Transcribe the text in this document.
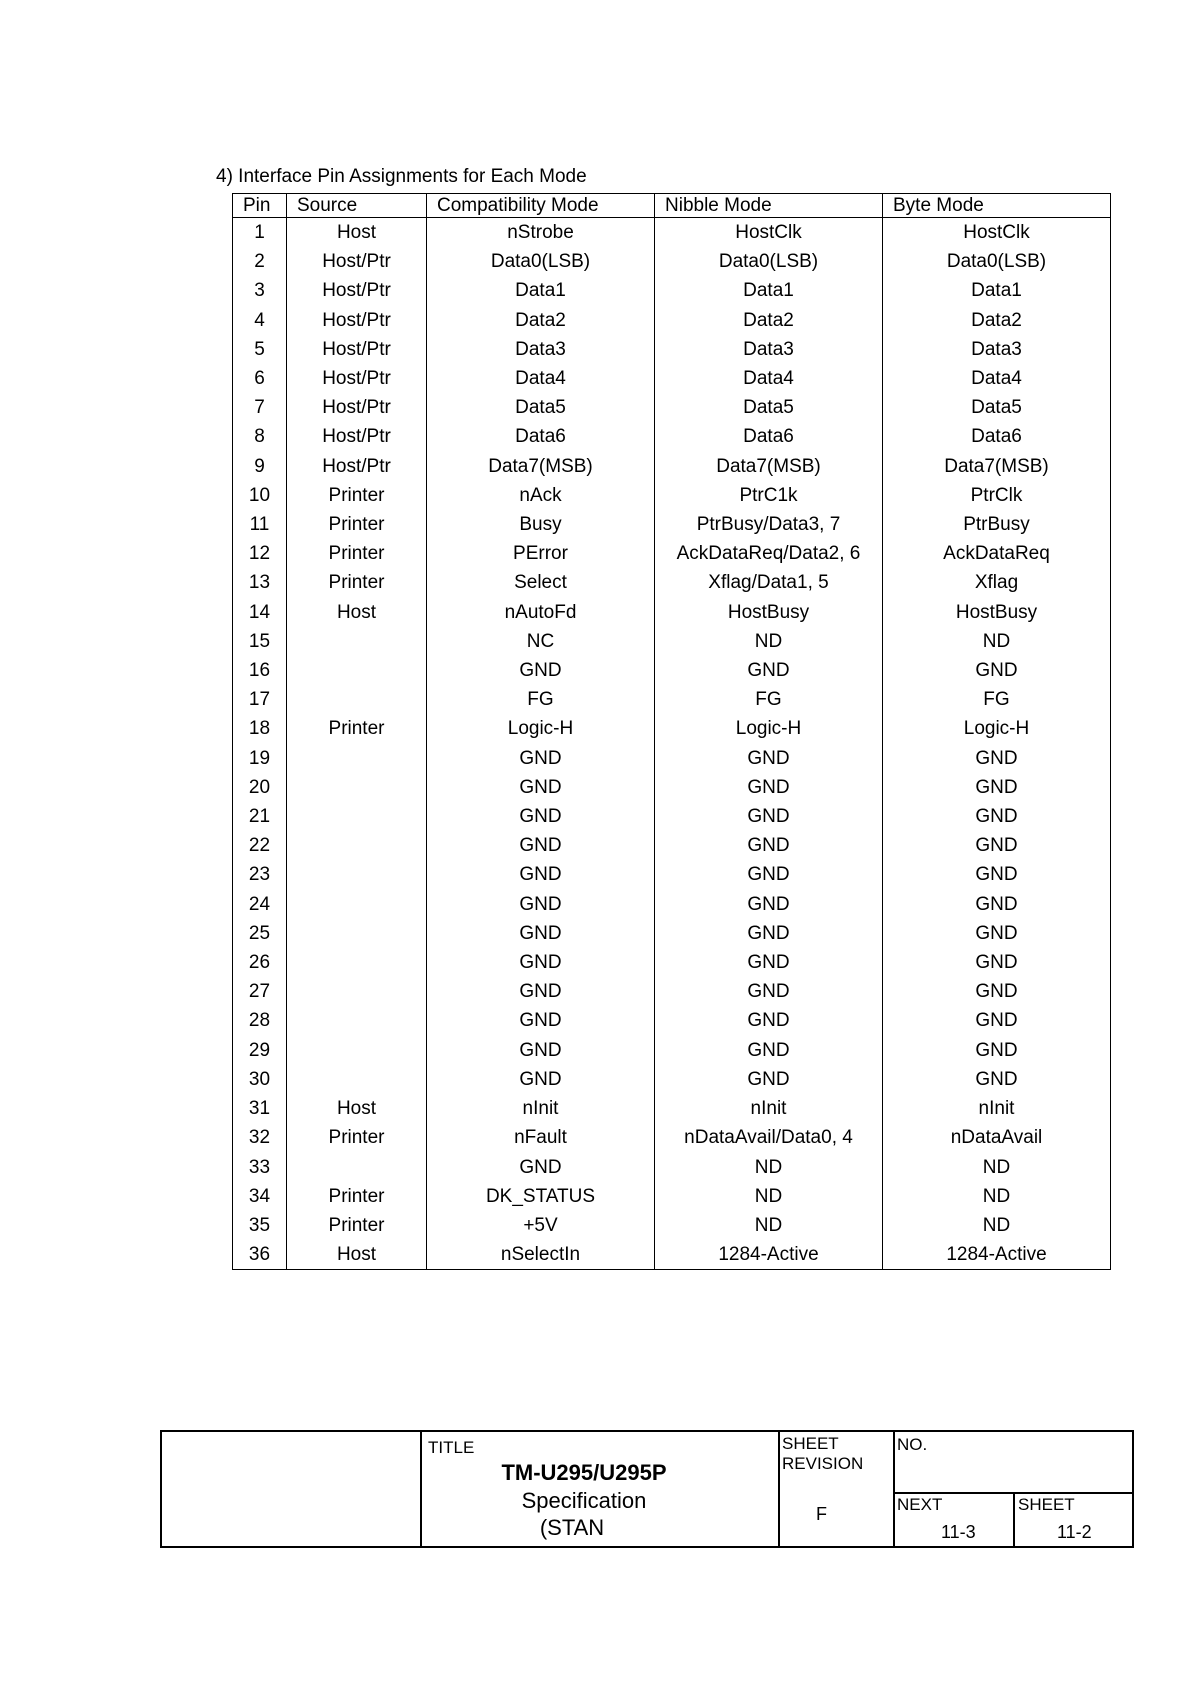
4) Interface Pin Assignments for Each Mode
Pin	Source	Compatibility Mode	Nibble Mode	Byte Mode
1	Host	nStrobe	HostClk	HostClk
2	Host/Ptr	Data0(LSB)	Data0(LSB)	Data0(LSB)
3	Host/Ptr	Data1	Data1	Data1
4	Host/Ptr	Data2	Data2	Data2
5	Host/Ptr	Data3	Data3	Data3
6	Host/Ptr	Data4	Data4	Data4
7	Host/Ptr	Data5	Data5	Data5
8	Host/Ptr	Data6	Data6	Data6
9	Host/Ptr	Data7(MSB)	Data7(MSB)	Data7(MSB)
10	Printer	nAck	PtrC1k	PtrClk
11	Printer	Busy	PtrBusy/Data3, 7	PtrBusy
12	Printer	PError	AckDataReq/Data2, 6	AckDataReq
13	Printer	Select	Xflag/Data1, 5	Xflag
14	Host	nAutoFd	HostBusy	HostBusy
15		NC	ND	ND
16		GND	GND	GND
17		FG	FG	FG
18	Printer	Logic-H	Logic-H	Logic-H
19		GND	GND	GND
20		GND	GND	GND
21		GND	GND	GND
22		GND	GND	GND
23		GND	GND	GND
24		GND	GND	GND
25		GND	GND	GND
26		GND	GND	GND
27		GND	GND	GND
28		GND	GND	GND
29		GND	GND	GND
30		GND	GND	GND
31	Host	nInit	nInit	nInit
32	Printer	nFault	nDataAvail/Data0, 4	nDataAvail
33		GND	ND	ND
34	Printer	DK_STATUS	ND	ND
35	Printer	+5V	ND	ND
36	Host	nSelectIn	1284-Active	1284-Active
TITLE
TM-U295/U295P
Specification
(STAN
SHEET
REVISION
F
NO.
NEXT
11-3
SHEET
11-2
